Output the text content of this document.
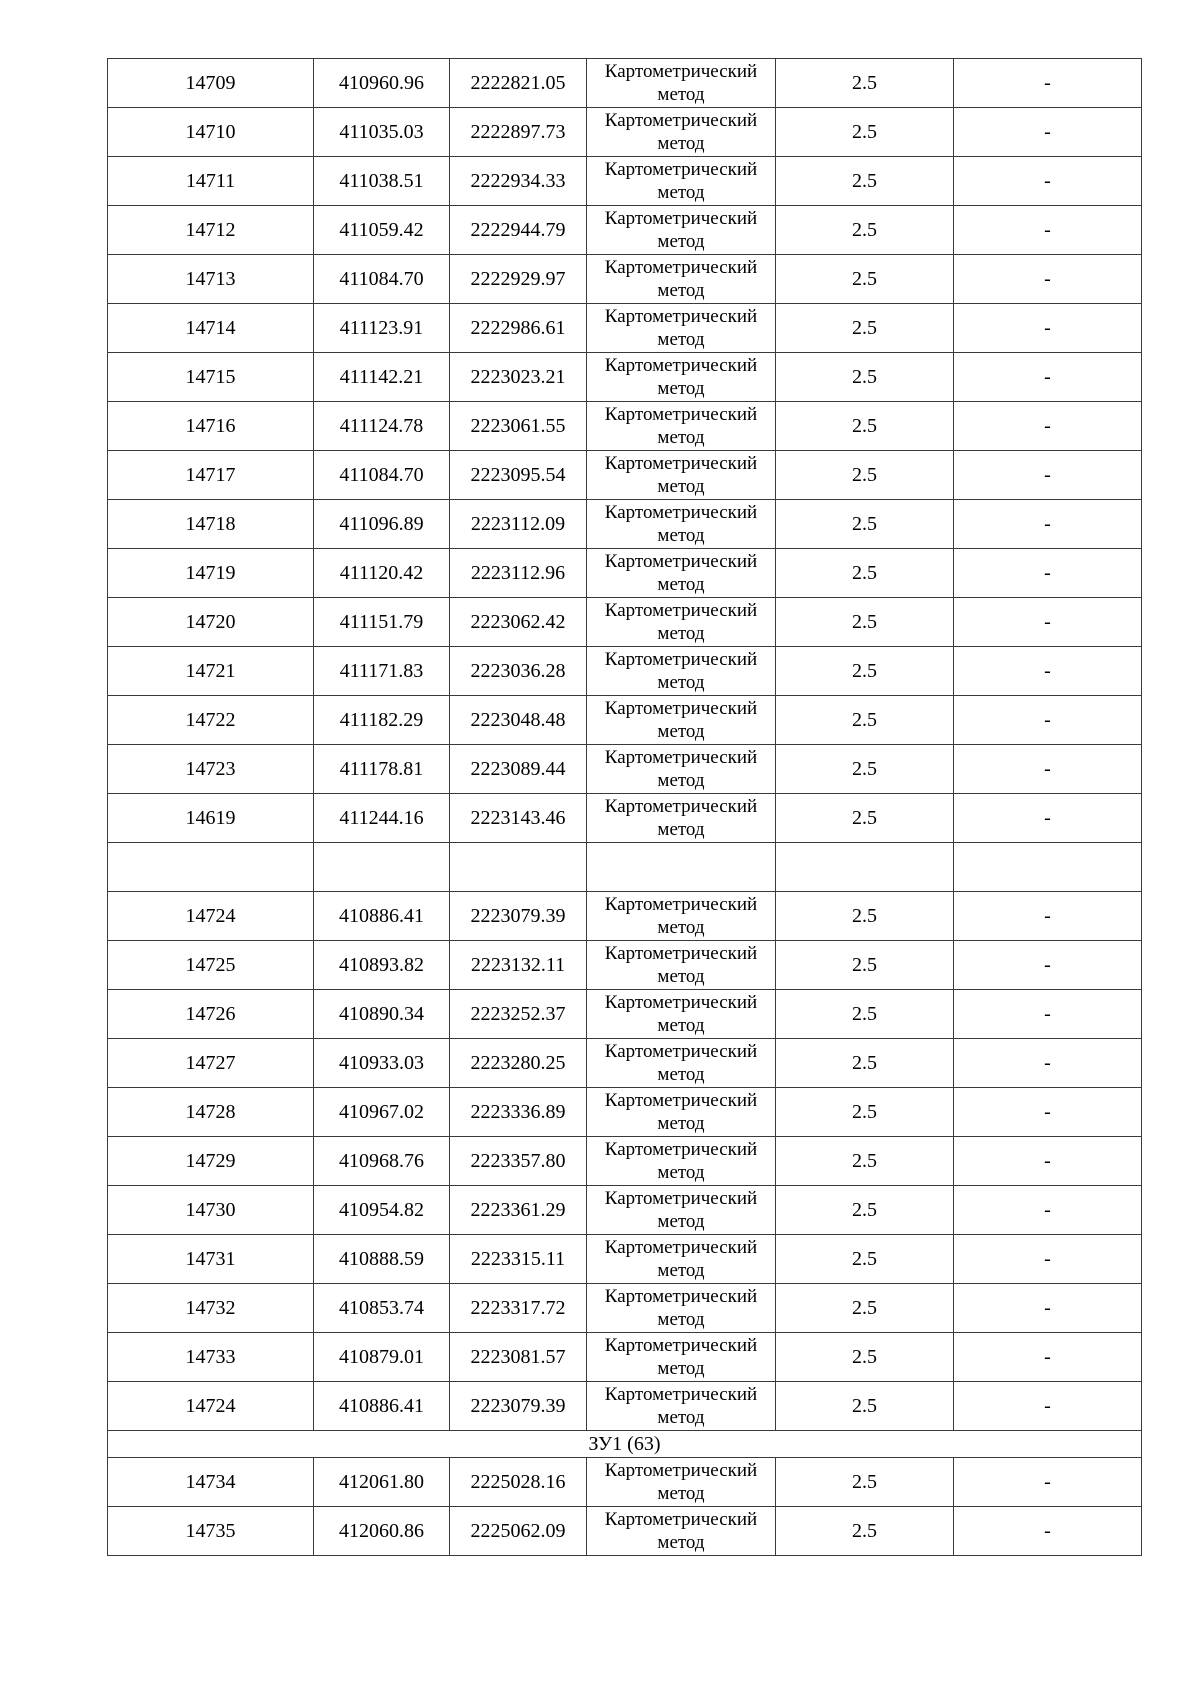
14709	410960.96	2222821.05	Картометрический
метод	2.5	-
14710	411035.03	2222897.73	Картометрический
метод	2.5	-
14711	411038.51	2222934.33	Картометрический
метод	2.5	-
14712	411059.42	2222944.79	Картометрический
метод	2.5	-
14713	411084.70	2222929.97	Картометрический
метод	2.5	-
14714	411123.91	2222986.61	Картометрический
метод	2.5	-
14715	411142.21	2223023.21	Картометрический
метод	2.5	-
14716	411124.78	2223061.55	Картометрический
метод	2.5	-
14717	411084.70	2223095.54	Картометрический
метод	2.5	-
14718	411096.89	2223112.09	Картометрический
метод	2.5	-
14719	411120.42	2223112.96	Картометрический
метод	2.5	-
14720	411151.79	2223062.42	Картометрический
метод	2.5	-
14721	411171.83	2223036.28	Картометрический
метод	2.5	-
14722	411182.29	2223048.48	Картометрический
метод	2.5	-
14723	411178.81	2223089.44	Картометрический
метод	2.5	-
14619	411244.16	2223143.46	Картометрический
метод	2.5	-

14724	410886.41	2223079.39	Картометрический
метод	2.5	-
14725	410893.82	2223132.11	Картометрический
метод	2.5	-
14726	410890.34	2223252.37	Картометрический
метод	2.5	-
14727	410933.03	2223280.25	Картометрический
метод	2.5	-
14728	410967.02	2223336.89	Картометрический
метод	2.5	-
14729	410968.76	2223357.80	Картометрический
метод	2.5	-
14730	410954.82	2223361.29	Картометрический
метод	2.5	-
14731	410888.59	2223315.11	Картометрический
метод	2.5	-
14732	410853.74	2223317.72	Картометрический
метод	2.5	-
14733	410879.01	2223081.57	Картометрический
метод	2.5	-
14724	410886.41	2223079.39	Картометрический
метод	2.5	-
ЗУ1 (63)					
14734	412061.80	2225028.16	Картометрический
метод	2.5	-
14735	412060.86	2225062.09	Картометрический
метод	2.5	-
